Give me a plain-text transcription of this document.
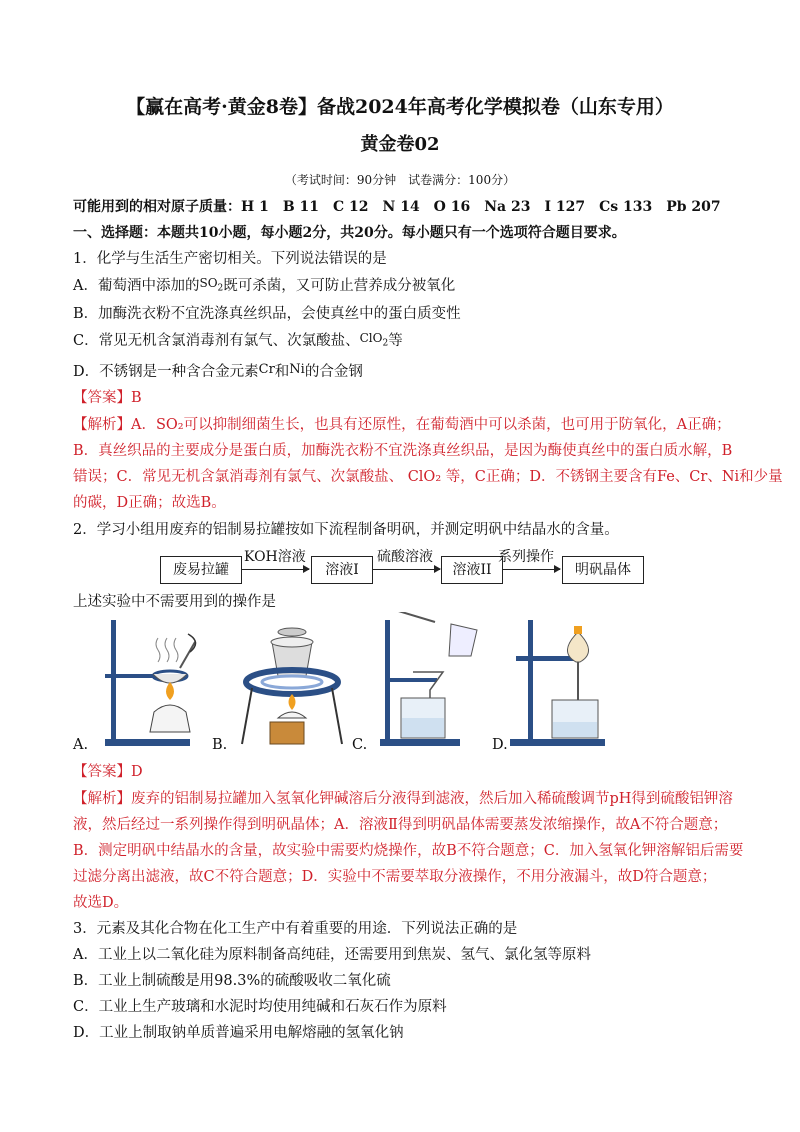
【赢在高考·黄金8卷】备战2024年高考化学模拟卷（山东专用）
黄金卷02
（考试时间：90分钟　试卷满分：100分）
可能用到的相对原子质量：H 1　B 11　C 12　N 14　O 16　Na 23　I 127　Cs 133　Pb 207
一、选择题：本题共10小题，每小题2分，共20分。每小题只有一个选项符合题目要求。
1．化学与生活生产密切相关。下列说法错误的是
A．葡萄酒中添加的$^{SO_2}$既可杀菌，又可防止营养成分被氧化
B．加酶洗衣粉不宜洗涤真丝织品，会使真丝中的蛋白质变性
C．常见无机含氯消毒剂有氯气、次氯酸盐、$^{ClO_2}$等
D．不锈钢是一种含合金元素Cr和Ni的合金钢
【答案】B
【解析】A．SO₂可以抑制细菌生长，也具有还原性，在葡萄酒中可以杀菌，也可用于防氧化，A正确；
B．真丝织品的主要成分是蛋白质，加酶洗衣粉不宜洗涤真丝织品，是因为酶使真丝中的蛋白质水解，B
错误；C．常见无机含氯消毒剂有氯气、次氯酸盐、 ClO₂ 等，C正确；D．不锈钢主要含有Fe、Cr、Ni和少量
的碳，D正确；故选B。
2．学习小组用废弃的铝制易拉罐按如下流程制备明矾，并测定明矾中结晶水的含量。
废易拉罐
KOH溶液
溶液I
硫酸溶液
溶液II
系列操作
明矾晶体
上述实验中不需要用到的操作是
A.	B.	C.	D.
【答案】D
【解析】废弃的铝制易拉罐加入氢氧化钾碱溶后分液得到滤液，然后加入稀硫酸调节pH得到硫酸铝钾溶
液，然后经过一系列操作得到明矾晶体；A．溶液Ⅱ得到明矾晶体需要蒸发浓缩操作，故A不符合题意；
B．测定明矾中结晶水的含量，故实验中需要灼烧操作，故B不符合题意；C．加入氢氧化钾溶解铝后需要
过滤分离出滤液，故C不符合题意；D．实验中不需要萃取分液操作，不用分液漏斗，故D符合题意；
故选D。
3．元素及其化合物在化工生产中有着重要的用途．下列说法正确的是
A．工业上以二氧化硅为原料制备高纯硅，还需要用到焦炭、氢气、氯化氢等原料
B．工业上制硫酸是用98.3%的硫酸吸收二氧化硫
C．工业上生产玻璃和水泥时均使用纯碱和石灰石作为原料
D．工业上制取钠单质普遍采用电解熔融的氢氧化钠
